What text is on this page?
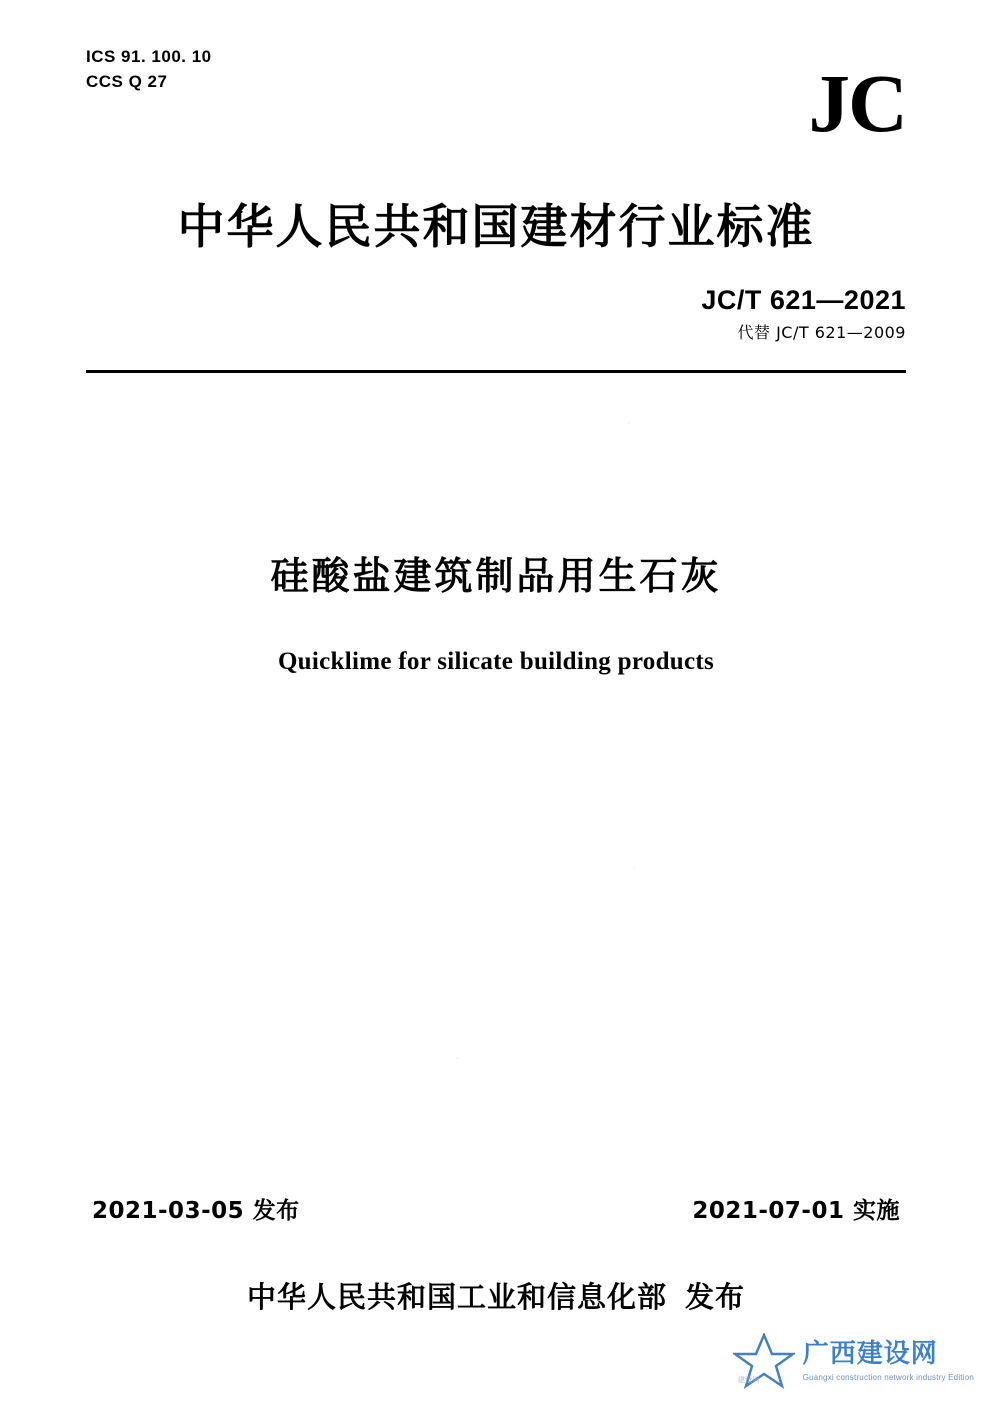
ICS 91. 100. 10
CCS Q 27	JC
中华人民共和国建材行业标准
JC/T 621—2021
代替 JC/T 621—2009
硅酸盐建筑制品用生石灰
Quicklime for silicate building products
·
·
·
2021-03-05 发布	2021-07-01 实施
中华人民共和国工业和信息化部 发布
建设网
广西建设网
Guangxi construction network industry Edition
